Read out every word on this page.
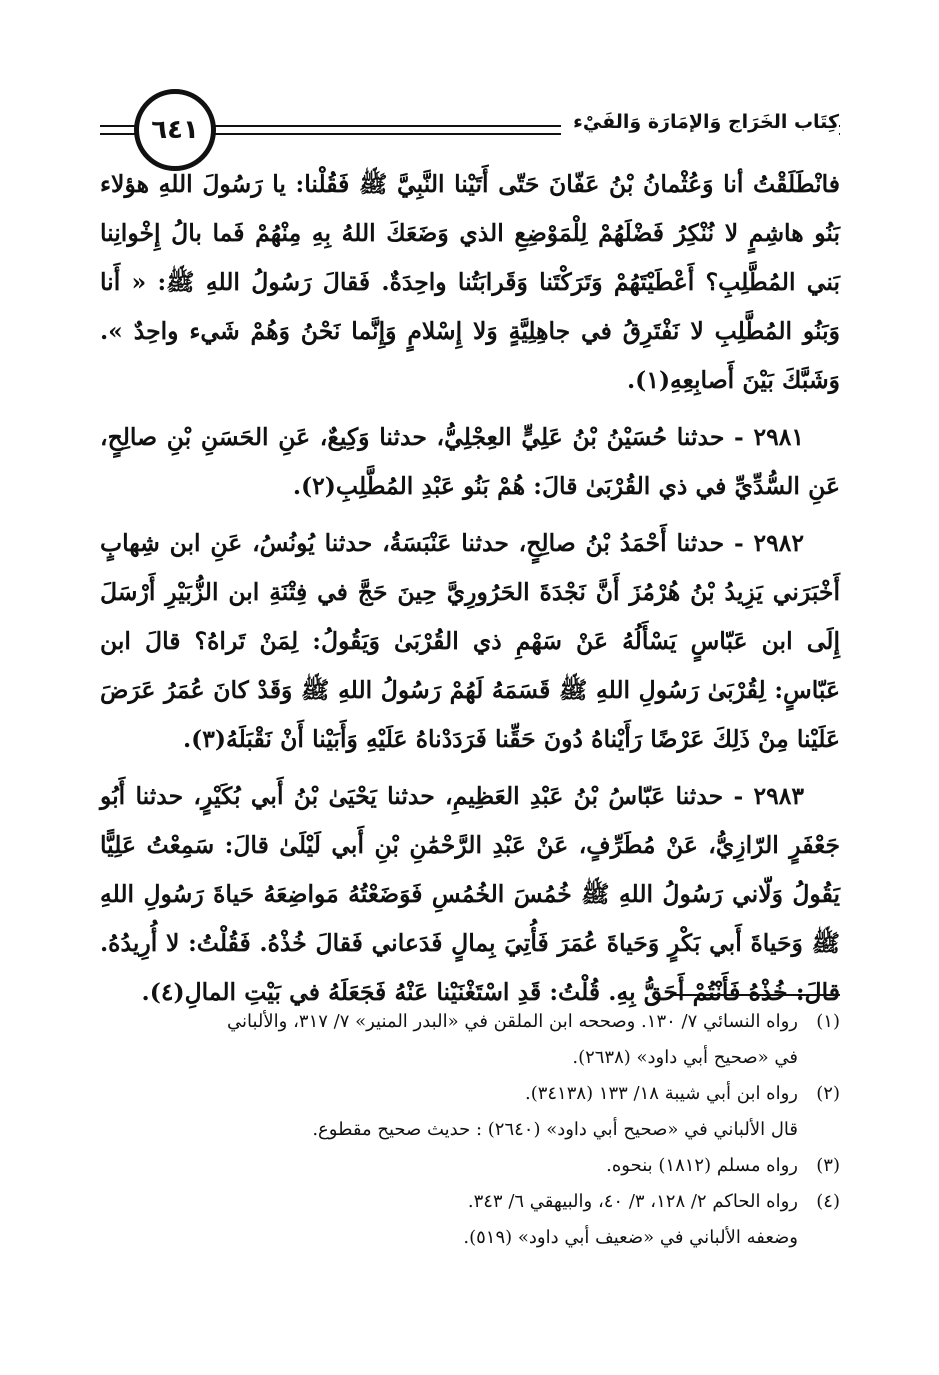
٦٤١	كِتَاب الخَرَاج وَالإمَارَة وَالفَيْء

فانْطَلَقْتُ أنا وَعُثْمانُ بْنُ عَفّانَ حَتّى أَتَيْنا النَّبِيَّ ﷺ فَقُلْنا: يا رَسُولَ اللهِ هؤلاء بَنُو هاشِمٍ لا نُنْكِرُ فَضْلَهُمْ لِلْمَوْضِعِ الذي وَضَعَكَ اللهُ بِهِ مِنْهُمْ فَما بالُ إِخْوانِنا بَني المُطَّلِبِ؟ أَعْطَيْتَهُمْ وَتَرَكْتَنا وَقَرابَتُنا واحِدَةٌ. فَقالَ رَسُولُ اللهِ ﷺ: « أَنا وَبَنُو المُطَّلِبِ لا نَفْتَرِقُ في جاهِلِيَّةٍ وَلا إِسْلامٍ وَإِنَّما نَحْنُ وَهُمْ شَيء واحِدٌ ». وَشَبَّكَ بَيْنَ أَصابِعِهِ(١).

٢٩٨١ - حدثنا حُسَيْنُ بْنُ عَلِيٍّ العِجْلِيُّ، حدثنا وَكِيعٌ، عَنِ الحَسَنِ بْنِ صالِحٍ، عَنِ السُّدِّيِّ في ذي القُرْبَىٰ قالَ: هُمْ بَنُو عَبْدِ المُطَّلِبِ(٢).

٢٩٨٢ - حدثنا أَحْمَدُ بْنُ صالِحٍ، حدثنا عَنْبَسَةُ، حدثنا يُونُسُ، عَنِ ابن شِهابٍ أَخْبَرَني يَزِيدُ بْنُ هُرْمُزَ أَنَّ نَجْدَةَ الحَرُورِيَّ حِينَ حَجَّ في فِتْنَةِ ابن الزُّبَيْرِ أَرْسَلَ إِلَى ابن عَبّاسٍ يَسْأَلُهُ عَنْ سَهْمِ ذي القُرْبَىٰ وَيَقُولُ: لِمَنْ تَراهُ؟ قالَ ابن عَبّاسٍ: لِقُرْبَىٰ رَسُولِ اللهِ ﷺ قَسَمَهُ لَهُمْ رَسُولُ اللهِ ﷺ وَقَدْ كانَ عُمَرُ عَرَضَ عَلَيْنا مِنْ ذَلِكَ عَرْضًا رَأَيْناهُ دُونَ حَقِّنا فَرَدَدْناهُ عَلَيْهِ وَأَبَيْنا أَنْ نَقْبَلَهُ(٣).

٢٩٨٣ - حدثنا عَبّاسُ بْنُ عَبْدِ العَظِيمِ، حدثنا يَحْيَىٰ بْنُ أَبي بُكَيْرٍ، حدثنا أَبُو جَعْفَرٍ الرّازِيُّ، عَنْ مُطَرِّفٍ، عَنْ عَبْدِ الرَّحْمَٰنِ بْنِ أَبي لَيْلَىٰ قالَ: سَمِعْتُ عَلِيًّا يَقُولُ وَلّاني رَسُولُ اللهِ ﷺ خُمُسَ الخُمُسِ فَوَضَعْتُهُ مَواضِعَهُ حَياةَ رَسُولِ اللهِ ﷺ وَحَياةَ أَبي بَكْرٍ وَحَياةَ عُمَرَ فَأُتِيَ بِمالٍ فَدَعاني فَقالَ خُذْهُ. فَقُلْتُ: لا أُرِيدُهُ. قالَ: خُذْهُ فَأَنْتُمْ أَحَقُّ بِهِ. قُلْتُ: قَدِ اسْتَغْنَيْنا عَنْهُ فَجَعَلَهُ في بَيْتِ المالِ(٤).

(١)
رواه النسائي ٧/ ١٣٠. وصححه ابن الملقن في «البدر المنير» ٧/ ٣١٧، والألباني
في «صحيح أبي داود» (٢٦٣٨).
(٢)
رواه ابن أبي شيبة ١٨/ ١٣٣ (٣٤١٣٨).
قال الألباني في «صحيح أبي داود» (٢٦٤٠) : حديث صحيح مقطوع.
(٣)
رواه مسلم (١٨١٢) بنحوه.
(٤)
رواه الحاكم ٢/ ١٢٨، ٣/ ٤٠، والبيهقي ٦/ ٣٤٣.
وضعفه الألباني في «ضعيف أبي داود» (٥١٩).
